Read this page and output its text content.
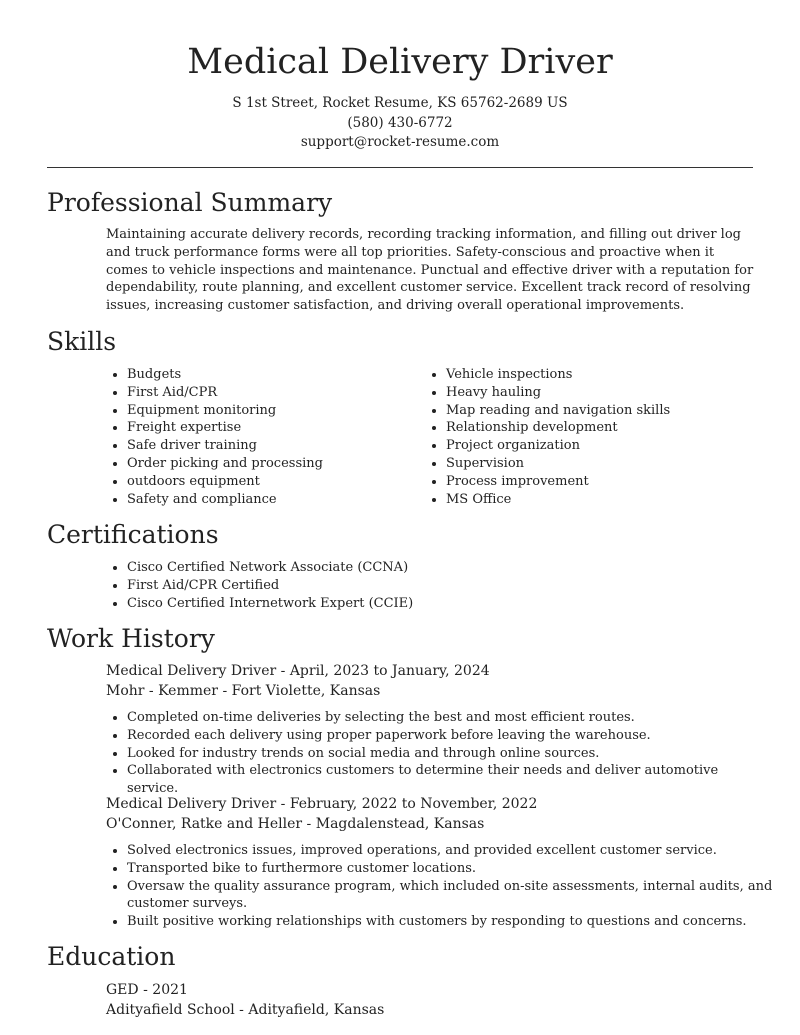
Medical Delivery Driver
S 1st Street, Rocket Resume, KS 65762-2689 US
(580) 430-6772
support@rocket-resume.com
Professional Summary

Maintaining accurate delivery records, recording tracking information, and filling out driver log and truck performance forms were all top priorities. Safety-conscious and proactive when it comes to vehicle inspections and maintenance. Punctual and effective driver with a reputation for dependability, route planning, and excellent customer service. Excellent track record of resolving issues, increasing customer satisfaction, and driving overall operational improvements.

Skills
• Budgets
• First Aid/CPR
• Equipment monitoring
• Freight expertise
• Safe driver training
• Order picking and processing
• outdoors equipment
• Safety and compliance
• Vehicle inspections
• Heavy hauling
• Map reading and navigation skills
• Relationship development
• Project organization
• Supervision
• Process improvement
• MS Office
Certifications
• Cisco Certified Network Associate (CCNA)
• First Aid/CPR Certified
• Cisco Certified Internetwork Expert (CCIE)
Work History
Medical Delivery Driver - April, 2023 to January, 2024
Mohr - Kemmer - Fort Violette, Kansas
• Completed on-time deliveries by selecting the best and most efficient routes.
• Recorded each delivery using proper paperwork before leaving the warehouse.
• Looked for industry trends on social media and through online sources.
• Collaborated with electronics customers to determine their needs and deliver automotive service.
Medical Delivery Driver - February, 2022 to November, 2022
O'Conner, Ratke and Heller - Magdalenstead, Kansas
• Solved electronics issues, improved operations, and provided excellent customer service.
• Transported bike to furthermore customer locations.
• Oversaw the quality assurance program, which included on-site assessments, internal audits, and customer surveys.
• Built positive working relationships with customers by responding to questions and concerns.
Education
GED - 2021
Adityafield School - Adityafield, Kansas
